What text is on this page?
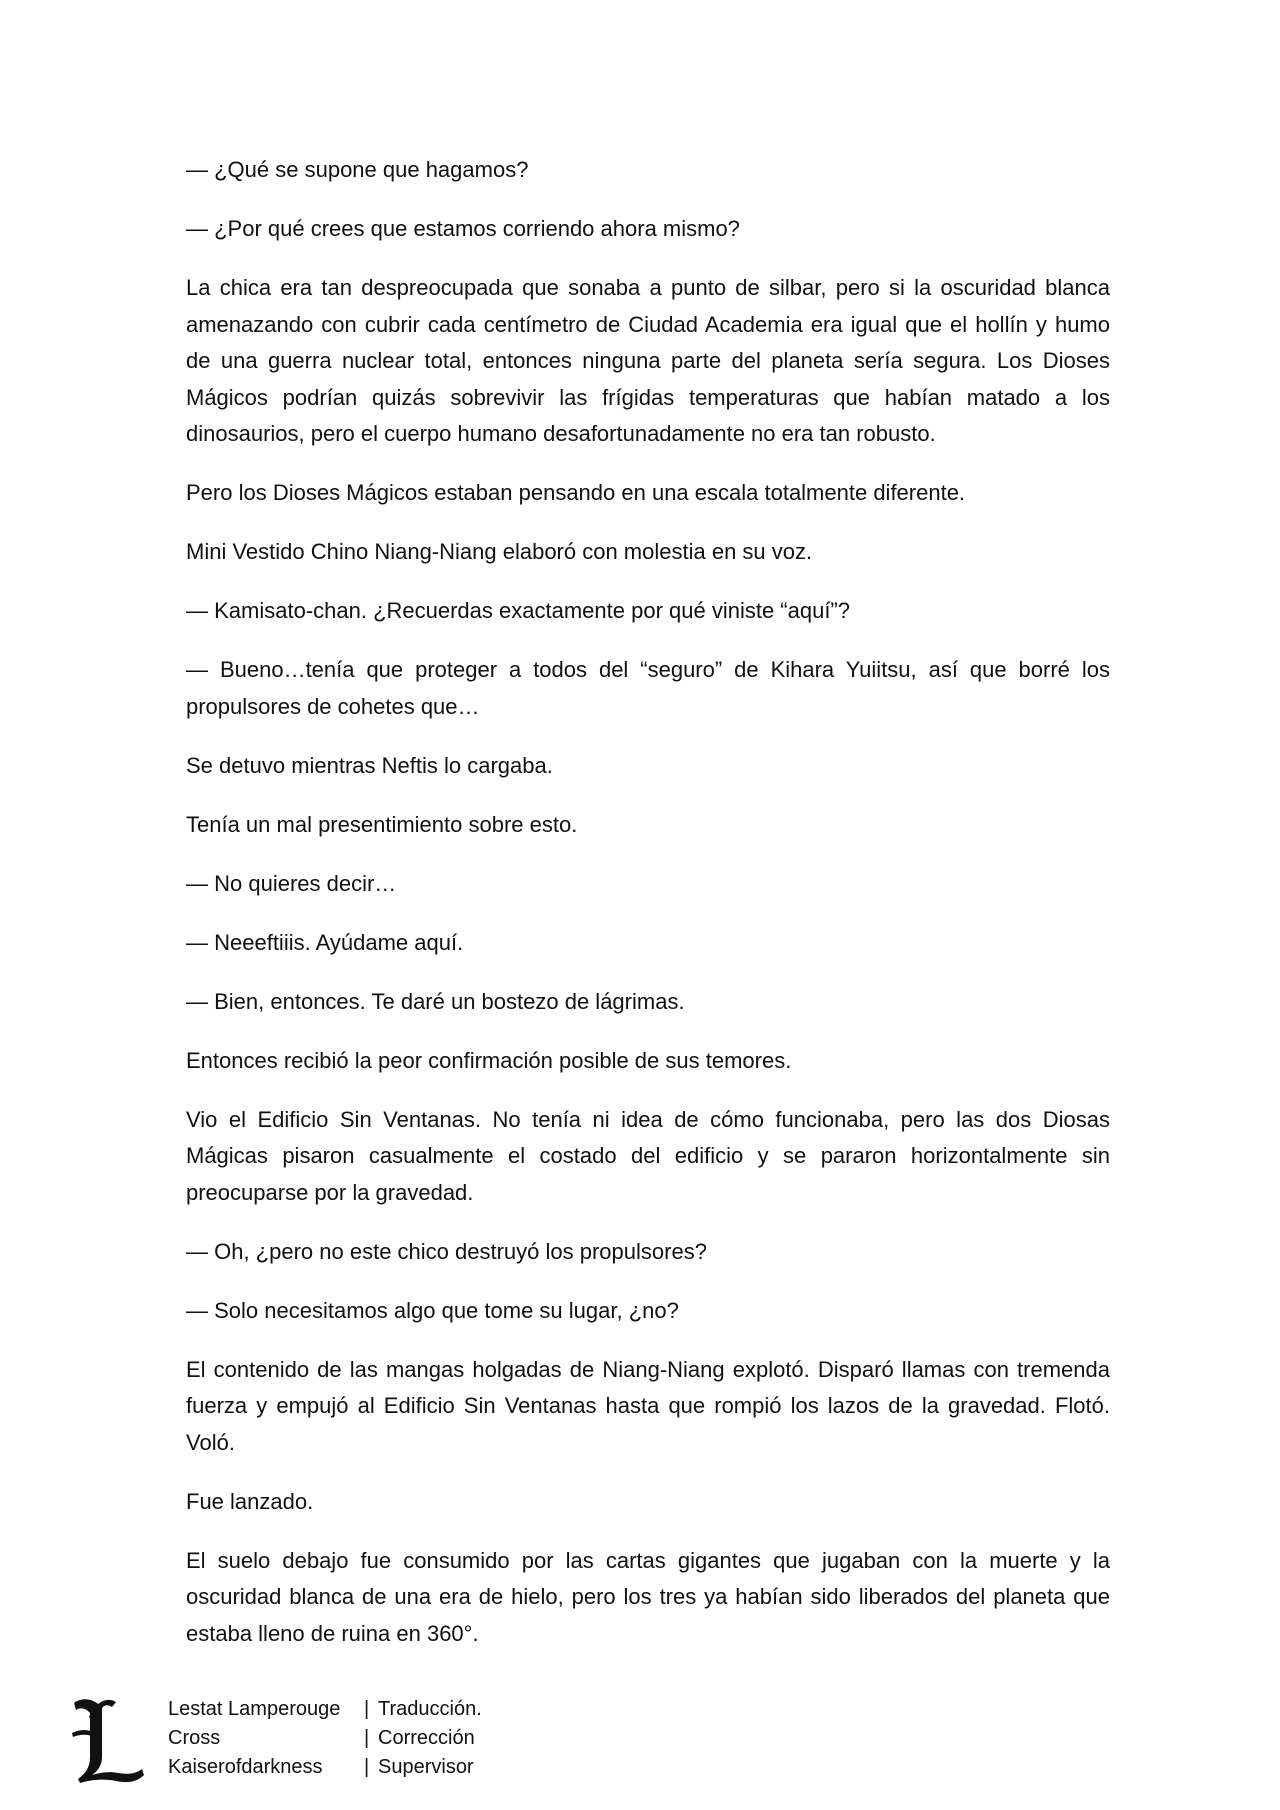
— ¿Qué se supone que hagamos?

— ¿Por qué crees que estamos corriendo ahora mismo?

La chica era tan despreocupada que sonaba a punto de silbar, pero si la oscuridad blanca amenazando con cubrir cada centímetro de Ciudad Academia era igual que el hollín y humo de una guerra nuclear total, entonces ninguna parte del planeta sería segura. Los Dioses Mágicos podrían quizás sobrevivir las frígidas temperaturas que habían matado a los dinosaurios, pero el cuerpo humano desafortunadamente no era tan robusto.

Pero los Dioses Mágicos estaban pensando en una escala totalmente diferente.

Mini Vestido Chino Niang-Niang elaboró con molestia en su voz.

— Kamisato-chan. ¿Recuerdas exactamente por qué viniste “aquí”?

— Bueno…tenía que proteger a todos del “seguro” de Kihara Yuiitsu, así que borré los propulsores de cohetes que…

Se detuvo mientras Neftis lo cargaba.

Tenía un mal presentimiento sobre esto.

— No quieres decir…

— Neeeftiiis. Ayúdame aquí.

— Bien, entonces. Te daré un bostezo de lágrimas.

Entonces recibió la peor confirmación posible de sus temores.

Vio el Edificio Sin Ventanas. No tenía ni idea de cómo funcionaba, pero las dos Diosas Mágicas pisaron casualmente el costado del edificio y se pararon horizontalmente sin preocuparse por la gravedad.

— Oh, ¿pero no este chico destruyó los propulsores?

— Solo necesitamos algo que tome su lugar, ¿no?

El contenido de las mangas holgadas de Niang-Niang explotó. Disparó llamas con tremenda fuerza y empujó al Edificio Sin Ventanas hasta que rompió los lazos de la gravedad. Flotó. Voló.

Fue lanzado.

El suelo debajo fue consumido por las cartas gigantes que jugaban con la muerte y la oscuridad blanca de una era de hielo, pero los tres ya habían sido liberados del planeta que estaba lleno de ruina en 360°.

Lestat Lamperouge	| Traducción.
Cross	| Corrección
Kaiserofdarkness	| Supervisor
